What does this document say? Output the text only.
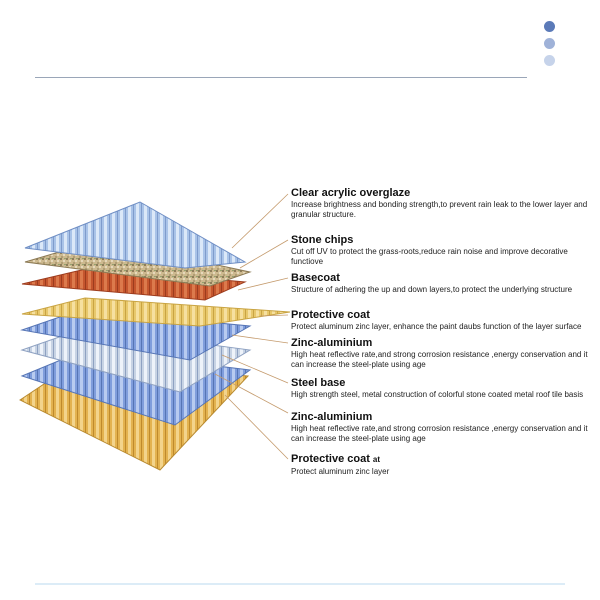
Clear acrylic overglaze
Increase brightness and bonding strength,to prevent rain leak to the lower layer and granular structure.
Stone chips
Cut off UV to protect the grass-roots,reduce rain noise and improve decorative functiove
Basecoat
Structure of adhering the up and down layers,to protect the underlying structure
Protective coat
Protect aluminum zinc layer, enhance the paint daubs function of the layer surface
Zinc-aluminium
High heat reflective rate,and strong corrosion resistance ,energy conservation and it can increase the steel-plate using age
Steel base
High strength steel, metal construction of colorful stone coated metal roof tile basis
Zinc-aluminium
High heat reflective rate,and strong corrosion resistance ,energy conservation and it can increase the steel-plate using age
Protective coat at
Protect aluminum zinc layer
